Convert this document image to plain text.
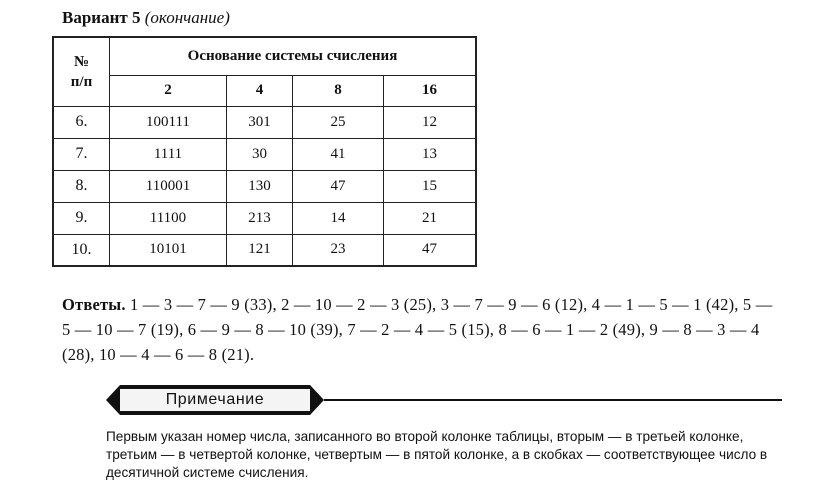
Вариант 5 (окончание)
№
п/п	Основание системы счисления			
	2	4	8	16
6.	100111	301	25	12
7.	1111	30	41	13
8.	110001	130	47	15
9.	11100	213	14	21
10.	10101	121	23	47
Ответы. 1 — 3 — 7 — 9 (33), 2 — 10 — 2 — 3 (25), 3 — 7 — 9 — 6 (12), 4 — 1 — 5 — 1 (42), 5 — 5 — 10 — 7 (19), 6 — 9 — 8 — 10 (39), 7 — 2 — 4 — 5 (15), 8 — 6 — 1 — 2 (49), 9 — 8 — 3 — 4 (28), 10 — 4 — 6 — 8 (21).
Примечание
Первым указан номер числа, записанного во второй колонке таблицы, вторым — в третьей колонке, третьим — в четвертой колонке, четвертым — в пятой колонке, а в скобках — соответствующее число в десятичной системе счисления.
